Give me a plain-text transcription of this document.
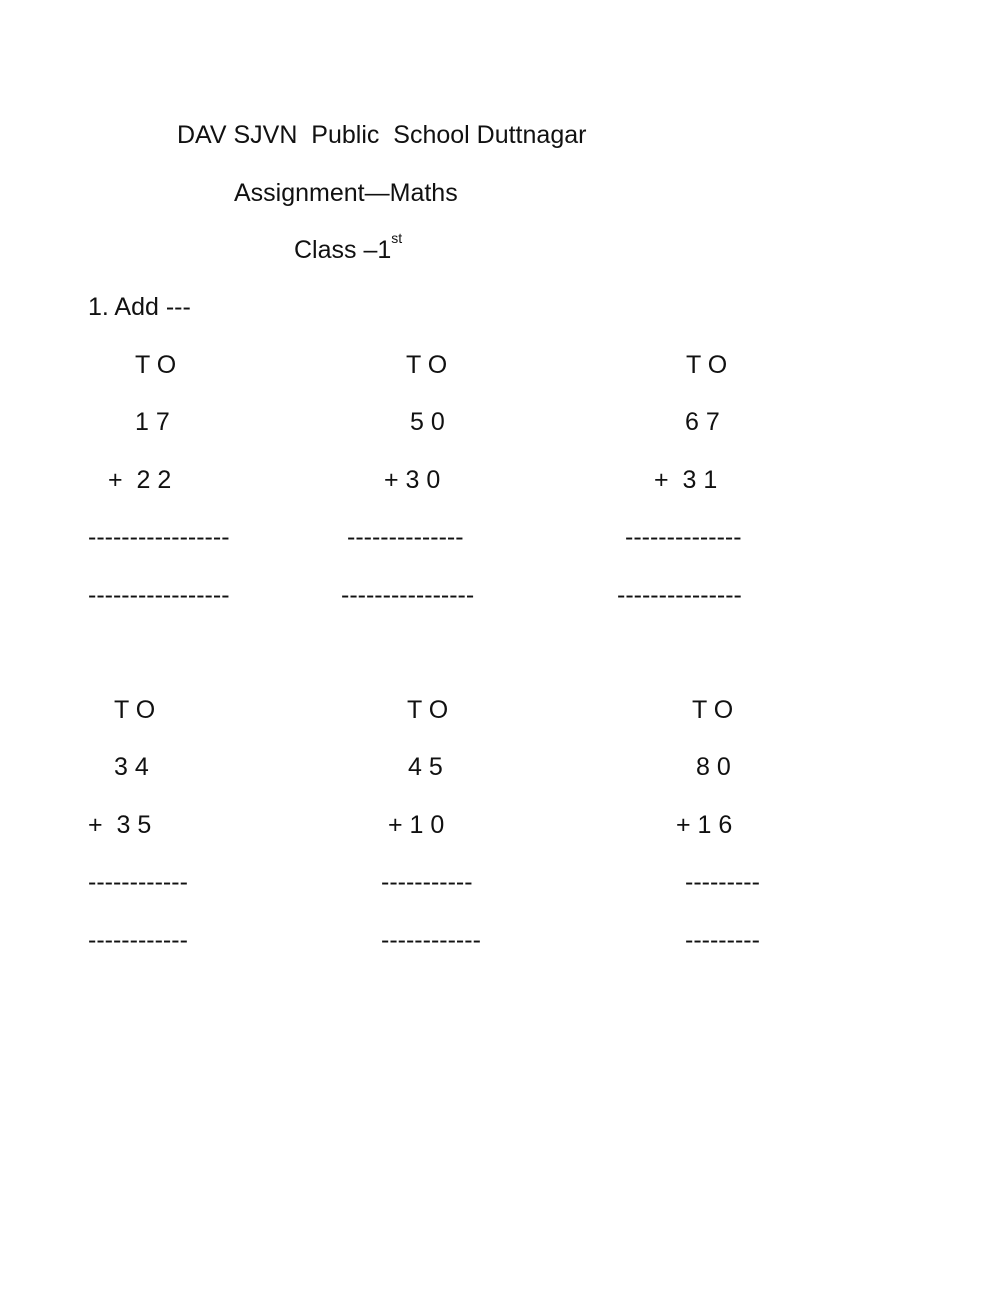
DAV SJVN  Public  School Duttnagar

Assignment—Maths

Class –1st

1. Add ---

T O

1 7

+  2 2

-----------------

-----------------

T O

5 0

+ 3 0

--------------

----------------

T O

6 7

+  3 1

--------------

---------------

T O

3 4

+  3 5

------------

------------

T O

4 5

+ 1 0

-----------

------------

T O

8 0

+ 1 6

---------

---------
